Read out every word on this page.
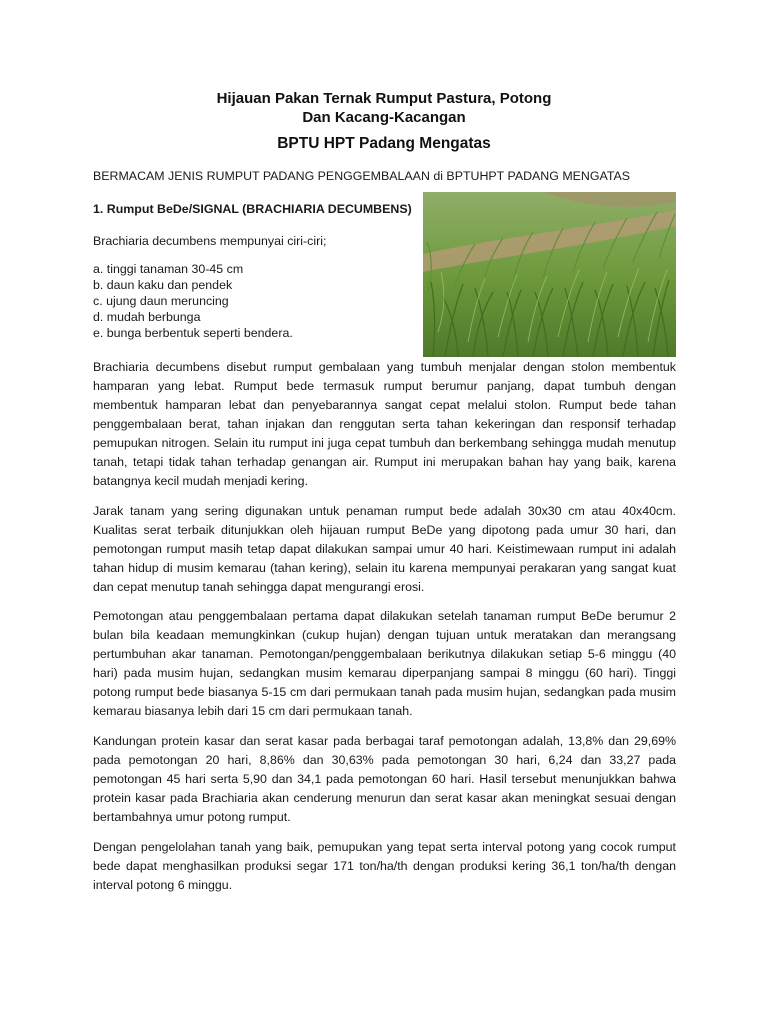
Hijauan Pakan Ternak Rumput Pastura, Potong
Dan Kacang-Kacangan
BPTU HPT Padang Mengatas
BERMACAM JENIS RUMPUT PADANG PENGGEMBALAAN di BPTUHPT PADANG MENGATAS
1. Rumput BeDe/SIGNAL (BRACHIARIA DECUMBENS)
Brachiaria decumbens mempunyai ciri-ciri;
a. tinggi tanaman 30-45 cm
b. daun kaku dan pendek
c. ujung daun meruncing
d. mudah berbunga
e. bunga berbentuk seperti bendera.

Brachiaria decumbens disebut rumput gembalaan yang tumbuh menjalar dengan stolon membentuk hamparan yang lebat. Rumput bede termasuk rumput berumur panjang, dapat tumbuh dengan membentuk hamparan lebat dan penyebarannya sangat cepat melalui stolon. Rumput bede tahan penggembalaan berat, tahan injakan dan renggutan serta tahan kekeringan dan responsif terhadap pemupukan nitrogen. Selain itu rumput ini juga cepat tumbuh dan berkembang sehingga mudah menutup tanah, tetapi tidak tahan terhadap genangan air. Rumput ini merupakan bahan hay yang baik, karena batangnya kecil mudah menjadi kering.

Jarak tanam yang sering digunakan untuk penaman rumput bede adalah 30x30 cm atau 40x40cm. Kualitas serat terbaik ditunjukkan oleh hijauan rumput BeDe yang dipotong pada umur 30 hari, dan pemotongan rumput masih tetap dapat dilakukan sampai umur 40 hari. Keistimewaan rumput ini adalah tahan hidup di musim kemarau (tahan kering), selain itu karena mempunyai perakaran yang sangat kuat dan cepat menutup tanah sehingga dapat mengurangi erosi.

Pemotongan atau penggembalaan pertama dapat dilakukan setelah tanaman rumput BeDe berumur 2 bulan bila keadaan memungkinkan (cukup hujan) dengan tujuan untuk meratakan dan merangsang pertumbuhan akar tanaman. Pemotongan/penggembalaan berikutnya dilakukan setiap 5-6 minggu (40 hari) pada musim hujan, sedangkan musim kemarau diperpanjang sampai 8 minggu (60 hari). Tinggi potong rumput bede biasanya 5-15 cm dari permukaan tanah pada musim hujan, sedangkan pada musim kemarau biasanya lebih dari 15 cm dari permukaan tanah.

Kandungan protein kasar dan serat kasar pada berbagai taraf pemotongan adalah, 13,8% dan 29,69% pada pemotongan 20 hari, 8,86% dan 30,63% pada pemotongan 30 hari, 6,24 dan 33,27 pada pemotongan 45 hari serta 5,90 dan 34,1 pada pemotongan 60 hari. Hasil tersebut menunjukkan bahwa protein kasar pada Brachiaria akan cenderung menurun dan serat kasar akan meningkat sesuai dengan bertambahnya umur potong rumput.

Dengan pengelolahan tanah yang baik, pemupukan yang tepat serta interval potong yang cocok rumput bede dapat menghasilkan produksi segar 171 ton/ha/th dengan produksi kering 36,1 ton/ha/th dengan interval potong 6 minggu.
